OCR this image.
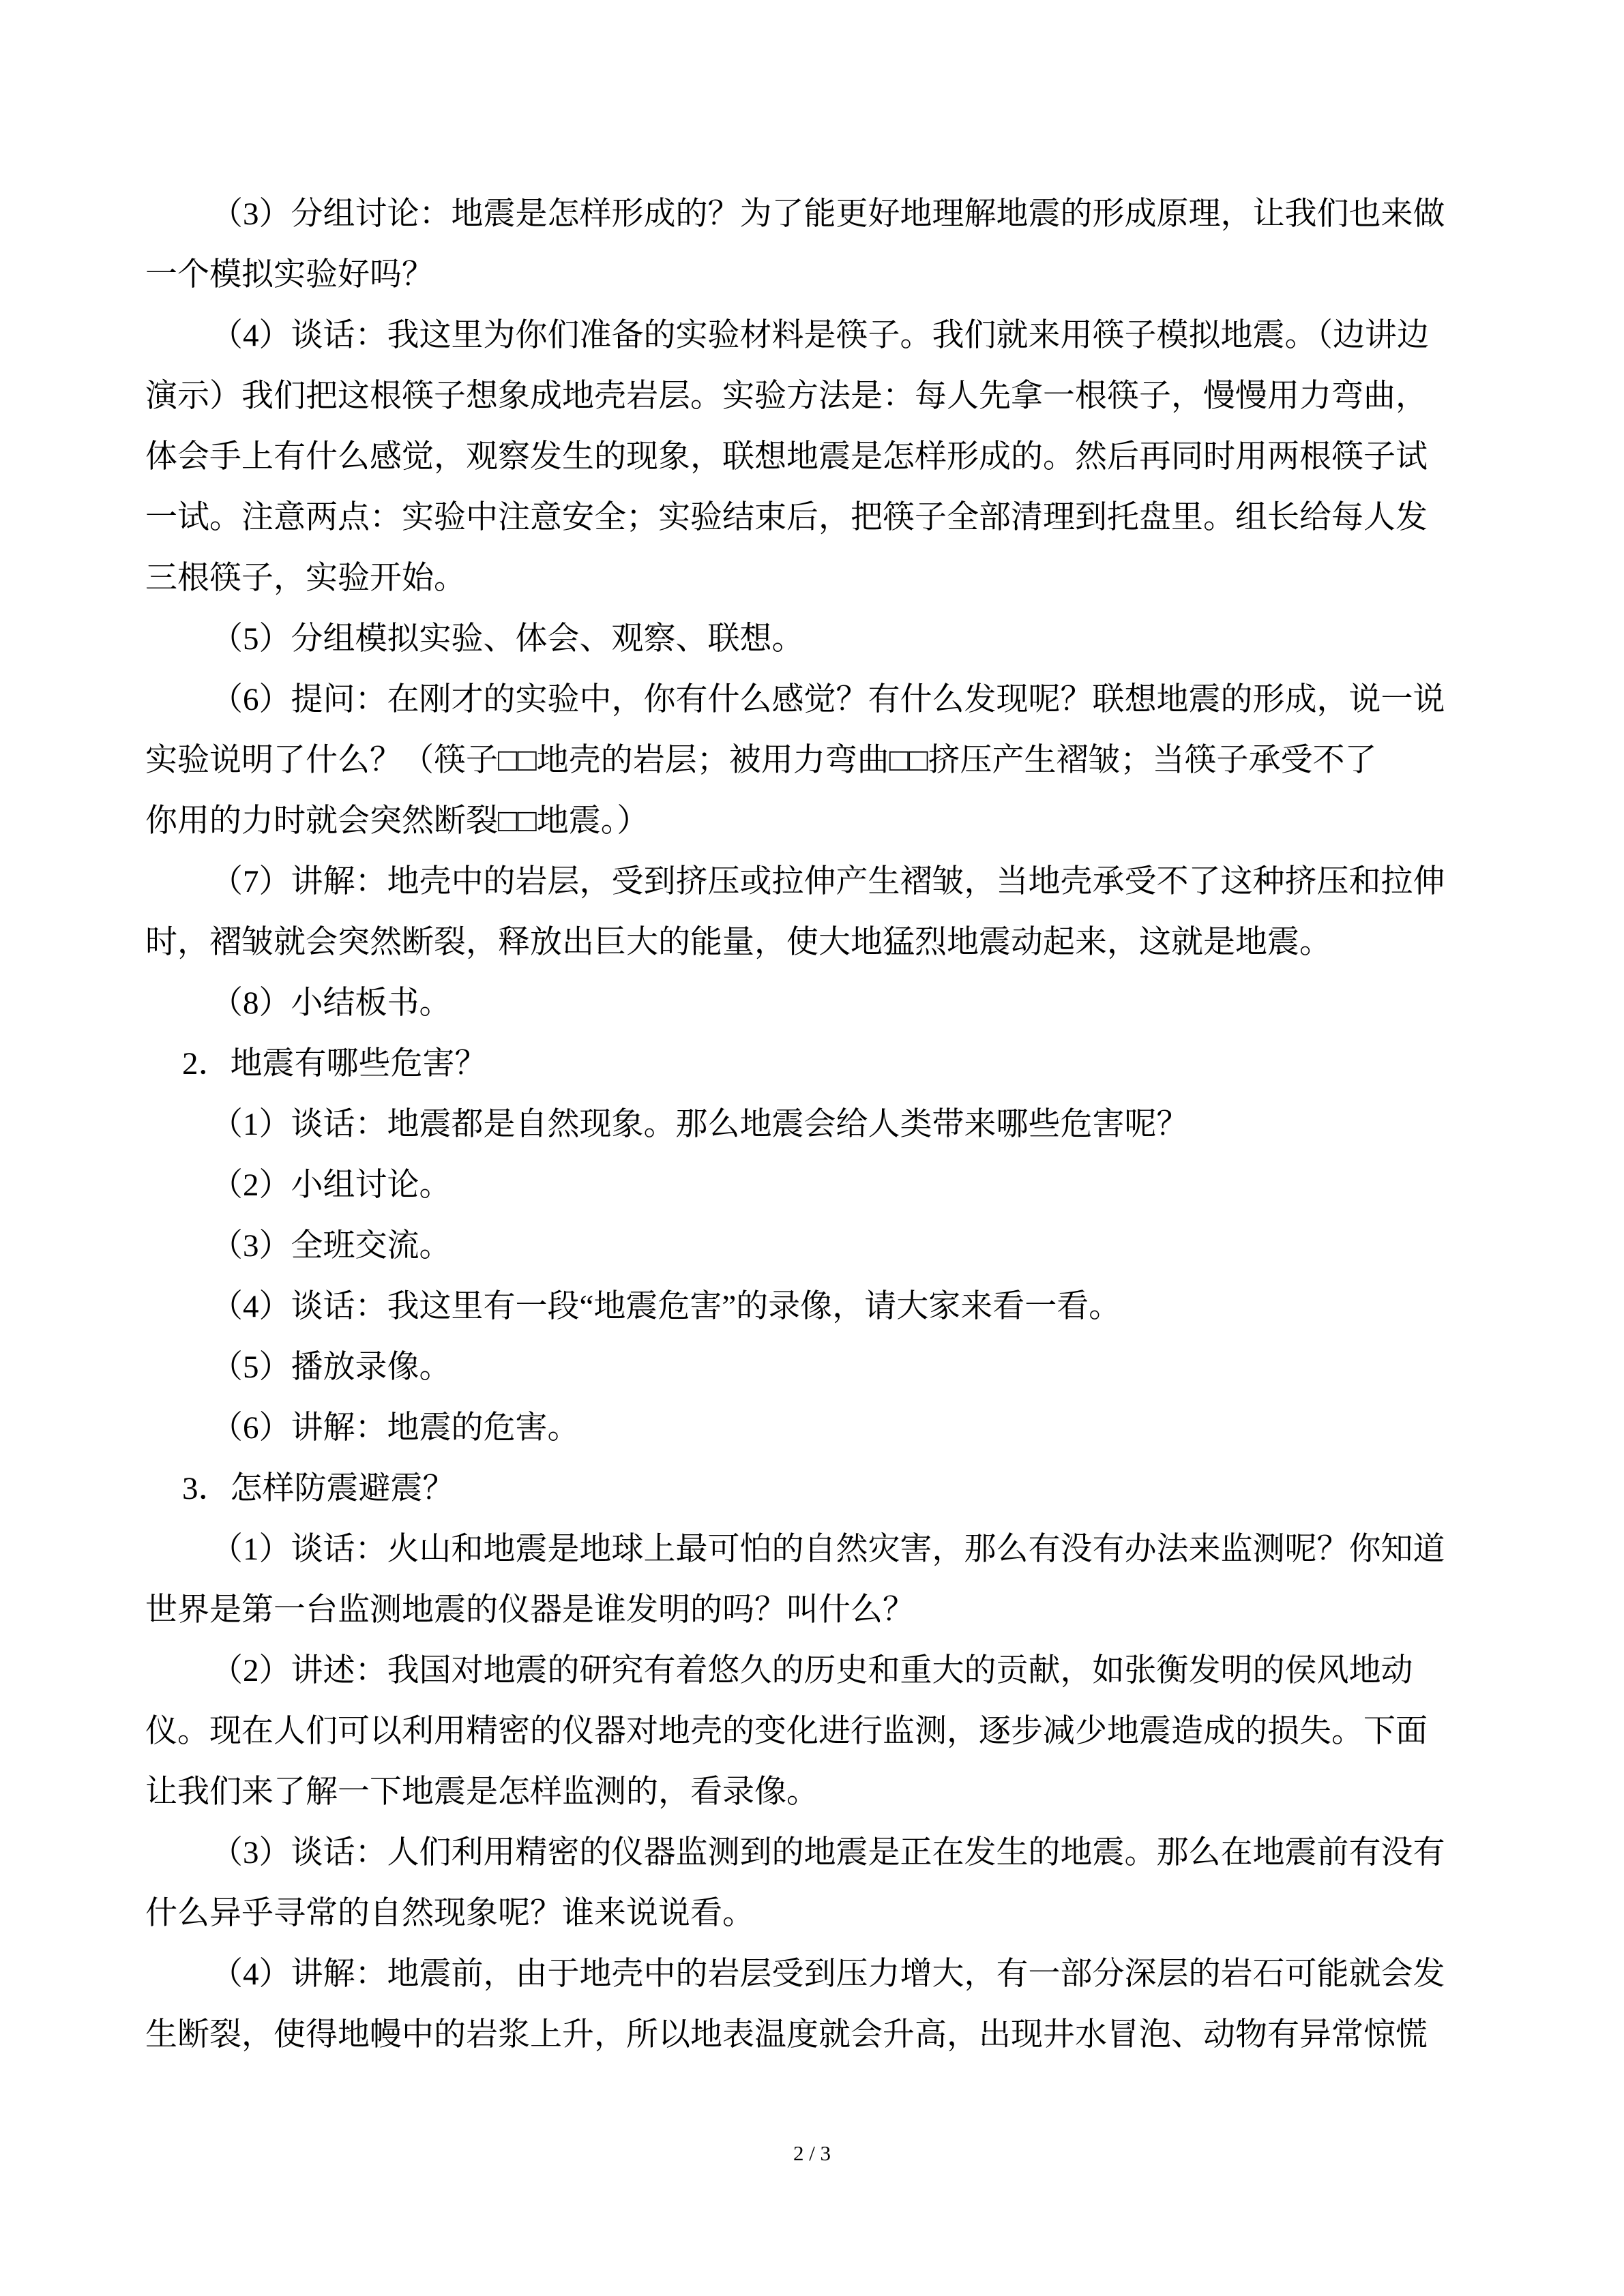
（3）分组讨论：地震是怎样形成的？为了能更好地理解地震的形成原理，让我们也来做
一个模拟实验好吗？
（4）谈话：我这里为你们准备的实验材料是筷子。我们就来用筷子模拟地震。（边讲边
演示）我们把这根筷子想象成地壳岩层。实验方法是：每人先拿一根筷子，慢慢用力弯曲，
体会手上有什么感觉，观察发生的现象，联想地震是怎样形成的。然后再同时用两根筷子试
一试。注意两点：实验中注意安全；实验结束后，把筷子全部清理到托盘里。组长给每人发
三根筷子，实验开始。
（5）分组模拟实验、体会、观察、联想。
（6）提问：在刚才的实验中，你有什么感觉？有什么发现呢？联想地震的形成，说一说
实验说明了什么？（筷子□□地壳的岩层；被用力弯曲□□挤压产生褶皱；当筷子承受不了
你用的力时就会突然断裂□□地震。）
（7）讲解：地壳中的岩层，受到挤压或拉伸产生褶皱，当地壳承受不了这种挤压和拉伸
时，褶皱就会突然断裂，释放出巨大的能量，使大地猛烈地震动起来，这就是地震。
（8）小结板书。
2．地震有哪些危害？
（1）谈话：地震都是自然现象。那么地震会给人类带来哪些危害呢？
（2）小组讨论。
（3）全班交流。
（4）谈话：我这里有一段“地震危害”的录像，请大家来看一看。
（5）播放录像。
（6）讲解：地震的危害。
3．怎样防震避震？
（1）谈话：火山和地震是地球上最可怕的自然灾害，那么有没有办法来监测呢？你知道
世界是第一台监测地震的仪器是谁发明的吗？叫什么？
（2）讲述：我国对地震的研究有着悠久的历史和重大的贡献，如张衡发明的侯风地动
仪。现在人们可以利用精密的仪器对地壳的变化进行监测，逐步减少地震造成的损失。下面
让我们来了解一下地震是怎样监测的，看录像。
（3）谈话：人们利用精密的仪器监测到的地震是正在发生的地震。那么在地震前有没有
什么异乎寻常的自然现象呢？谁来说说看。
（4）讲解：地震前，由于地壳中的岩层受到压力增大，有一部分深层的岩石可能就会发
生断裂，使得地幔中的岩浆上升，所以地表温度就会升高，出现井水冒泡、动物有异常惊慌
2 / 3
